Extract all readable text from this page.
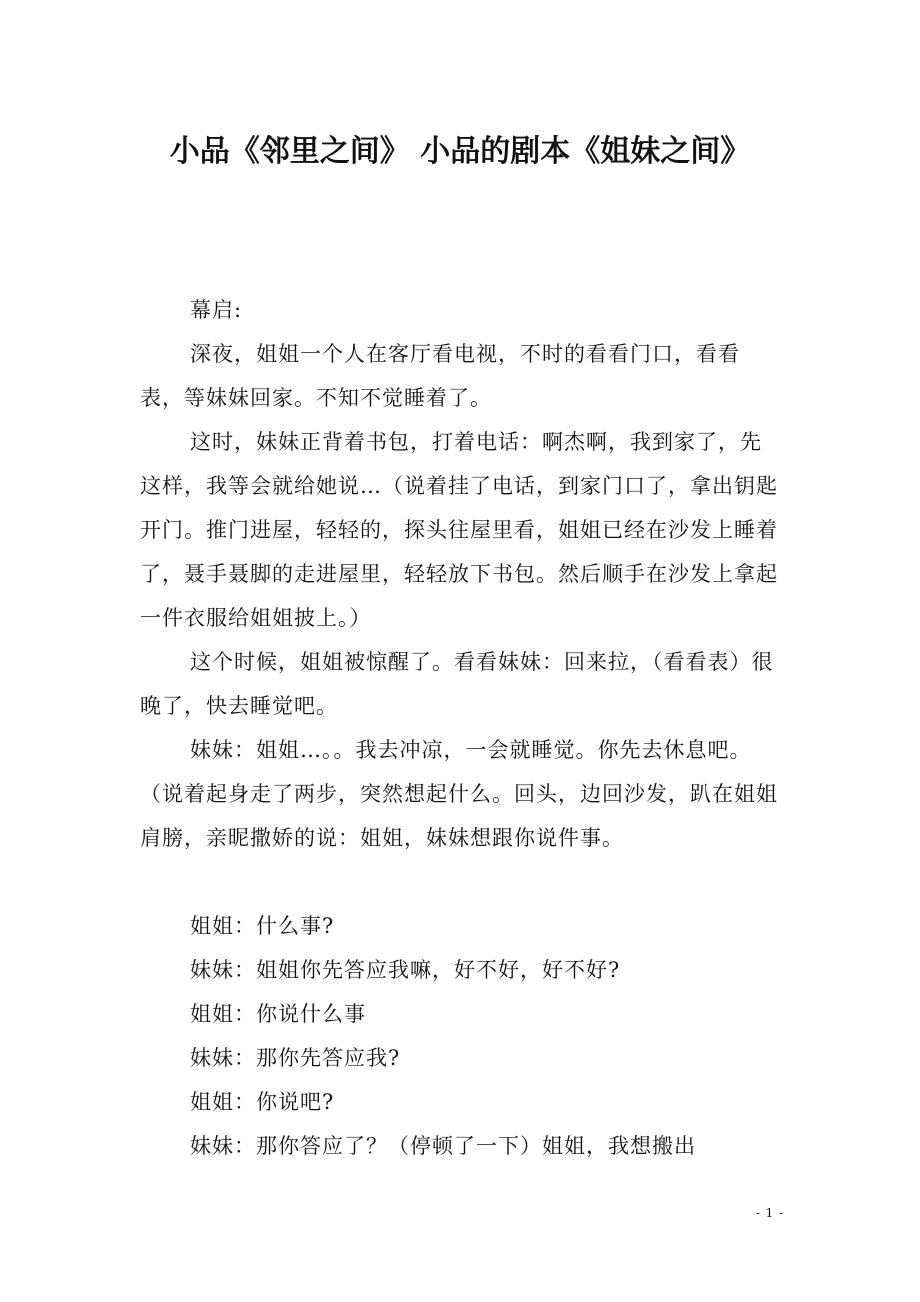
小品《邻里之间》 小品的剧本《姐妹之间》

幕启:

深夜，姐姐一个人在客厅看电视，不时的看看门口，看看表，等妹妹回家。不知不觉睡着了。

这时，妹妹正背着书包，打着电话：啊杰啊，我到家了，先这样，我等会就给她说…（说着挂了电话，到家门口了，拿出钥匙开门。推门进屋，轻轻的，探头往屋里看，姐姐已经在沙发上睡着了，聂手聂脚的走进屋里，轻轻放下书包。然后顺手在沙发上拿起一件衣服给姐姐披上。）

这个时候，姐姐被惊醒了。看看妹妹：回来拉，（看看表）很晚了，快去睡觉吧。

妹妹：姐姐…。。我去冲凉，一会就睡觉。你先去休息吧。（说着起身走了两步，突然想起什么。回头，边回沙发，趴在姐姐肩膀，亲昵撒娇的说：姐姐，妹妹想跟你说件事。

姐姐：什么事?

妹妹：姐姐你先答应我嘛，好不好，好不好?

姐姐：你说什么事

妹妹：那你先答应我?

姐姐：你说吧?

妹妹：那你答应了？（停顿了一下）姐姐，我想搬出

- 1 -
